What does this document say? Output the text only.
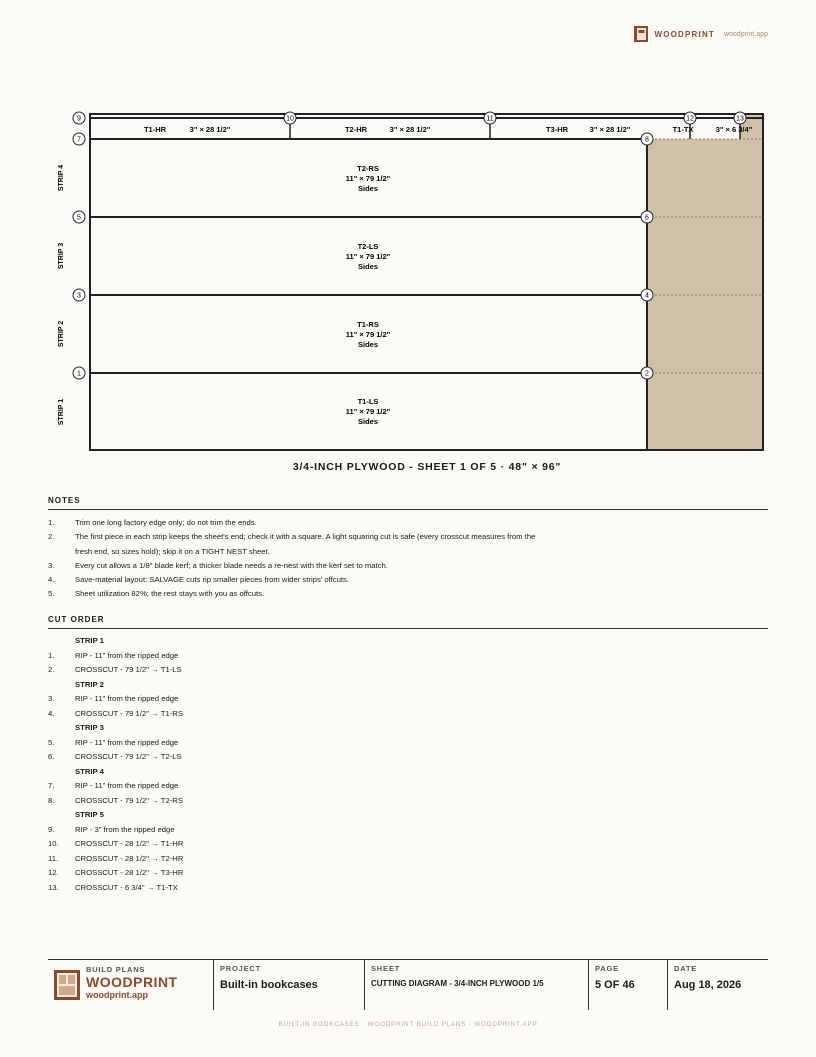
WOODPRINT woodprint.app
T1-HR	3" × 28 1/2"	T2-HR	3" × 28 1/2"	T3-HR	3" × 28 1/2"	T1-TX	3" × 6 3/4"
T2-RS
11" × 79 1/2"
Sides
T2-LS
11" × 79 1/2"
Sides
T1-RS
11" × 79 1/2"
Sides
T1-LS
11" × 79 1/2"
Sides
STRIP 4
STRIP 3
STRIP 2
STRIP 1
1	2
3	4
5	6
7	8
9	10	11	12	13
3/4-INCH PLYWOOD - SHEET 1 OF 5 · 48" × 96"
NOTES
1.	Trim one long factory edge only; do not trim the ends.
2.	The first piece in each strip keeps the sheet's end; check it with a square. A light squaring cut is safe (every crosscut measures from the fresh end, so sizes hold); skip it on a TIGHT NEST sheet.
3.	Every cut allows a 1/8" blade kerf; a thicker blade needs a re-nest with the kerf set to match.
4.	Save-material layout: SALVAGE cuts rip smaller pieces from wider strips' offcuts.
5.	Sheet utilization 82%; the rest stays with you as offcuts.
CUT ORDER
STRIP 1
1.	RIP - 11" from the ripped edge
2.	CROSSCUT - 79 1/2" → T1-LS
STRIP 2
3.	RIP - 11" from the ripped edge
4.	CROSSCUT - 79 1/2" → T1-RS
STRIP 3
5.	RIP - 11" from the ripped edge
6.	CROSSCUT - 79 1/2" → T2-LS
STRIP 4
7.	RIP - 11" from the ripped edge
8.	CROSSCUT - 79 1/2" → T2-RS
STRIP 5
9.	RIP - 3" from the ripped edge
10.	CROSSCUT - 28 1/2" → T1-HR
11.	CROSSCUT - 28 1/2" → T2-HR
12.	CROSSCUT - 28 1/2" → T3-HR
13.	CROSSCUT - 6 3/4" → T1-TX
BUILD PLANS
WOODPRINT
woodprint.app
PROJECT
Built-in bookcases
SHEET
CUTTING DIAGRAM - 3/4-INCH PLYWOOD 1/5
PAGE
5 OF 46
DATE
Aug 18, 2026
BUILT-IN BOOKCASES · WOODPRINT BUILD PLANS · WOODPRINT.APP
